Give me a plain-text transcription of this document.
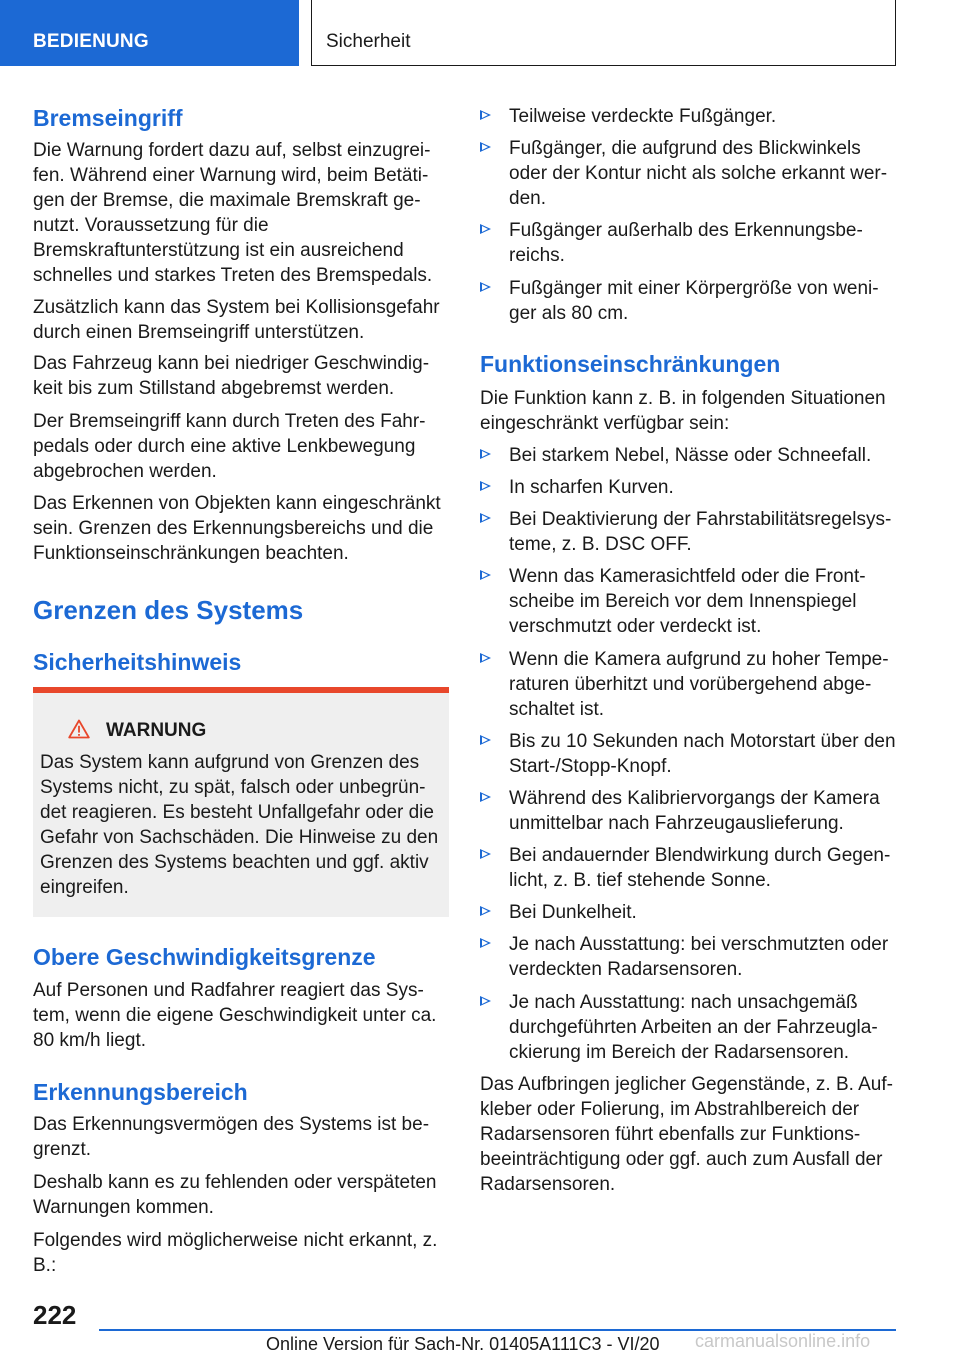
BEDIENUNG	Sicherheit
Bremseingriff
Die Warnung fordert dazu auf, selbst einzugreifen. Während einer Warnung wird, beim Betätigen der Bremse, die maximale Bremskraft genutzt. Voraussetzung für die Bremskraftunterstützung ist ein ausreichend schnelles und starkes Treten des Bremspedals.
Zusätzlich kann das System bei Kollisionsgefahr durch einen Bremseingriff unterstützen.
Das Fahrzeug kann bei niedriger Geschwindigkeit bis zum Stillstand abgebremst werden.
Der Bremseingriff kann durch Treten des Fahrpedals oder durch eine aktive Lenkbewegung abgebrochen werden.
Das Erkennen von Objekten kann eingeschränkt sein. Grenzen des Erkennungsbereichs und die Funktionseinschränkungen beachten.
Grenzen des Systems
Sicherheitshinweis
WARNUNG
Das System kann aufgrund von Grenzen des Systems nicht, zu spät, falsch oder unbegründet reagieren. Es besteht Unfallgefahr oder die Gefahr von Sachschäden. Die Hinweise zu den Grenzen des Systems beachten und ggf. aktiv eingreifen.
Obere Geschwindigkeitsgrenze
Auf Personen und Radfahrer reagiert das System, wenn die eigene Geschwindigkeit unter ca. 80 km/h liegt.
Erkennungsbereich
Das Erkennungsvermögen des Systems ist begrenzt.
Deshalb kann es zu fehlenden oder verspäteten Warnungen kommen.
Folgendes wird möglicherweise nicht erkannt, z. B.:
Teilweise verdeckte Fußgänger.
Fußgänger, die aufgrund des Blickwinkels oder der Kontur nicht als solche erkannt werden.
Fußgänger außerhalb des Erkennungsbereichs.
Fußgänger mit einer Körpergröße von weniger als 80 cm.
Funktionseinschränkungen
Die Funktion kann z. B. in folgenden Situationen eingeschränkt verfügbar sein:
Bei starkem Nebel, Nässe oder Schneefall.
In scharfen Kurven.
Bei Deaktivierung der Fahrstabilitätsregelsysteme, z. B. DSC OFF.
Wenn das Kamerasichtfeld oder die Frontscheibe im Bereich vor dem Innenspiegel verschmutzt oder verdeckt ist.
Wenn die Kamera aufgrund zu hoher Temperaturen überhitzt und vorübergehend abgeschaltet ist.
Bis zu 10 Sekunden nach Motorstart über den Start-/Stopp-Knopf.
Während des Kalibriervorgangs der Kamera unmittelbar nach Fahrzeugauslieferung.
Bei andauernder Blendwirkung durch Gegenlicht, z. B. tief stehende Sonne.
Bei Dunkelheit.
Je nach Ausstattung: bei verschmutzten oder verdeckten Radarsensoren.
Je nach Ausstattung: nach unsachgemäß durchgeführten Arbeiten an der Fahrzeuglackierung im Bereich der Radarsensoren.
Das Aufbringen jeglicher Gegenstände, z. B. Aufkleber oder Folierung, im Abstrahlbereich der Radarsensoren führt ebenfalls zur Funktionsbeeinträchtigung oder ggf. auch zum Ausfall der Radarsensoren.
222
carmanualsonline.info
Online Version für Sach-Nr. 01405A111C3 - VI/20
